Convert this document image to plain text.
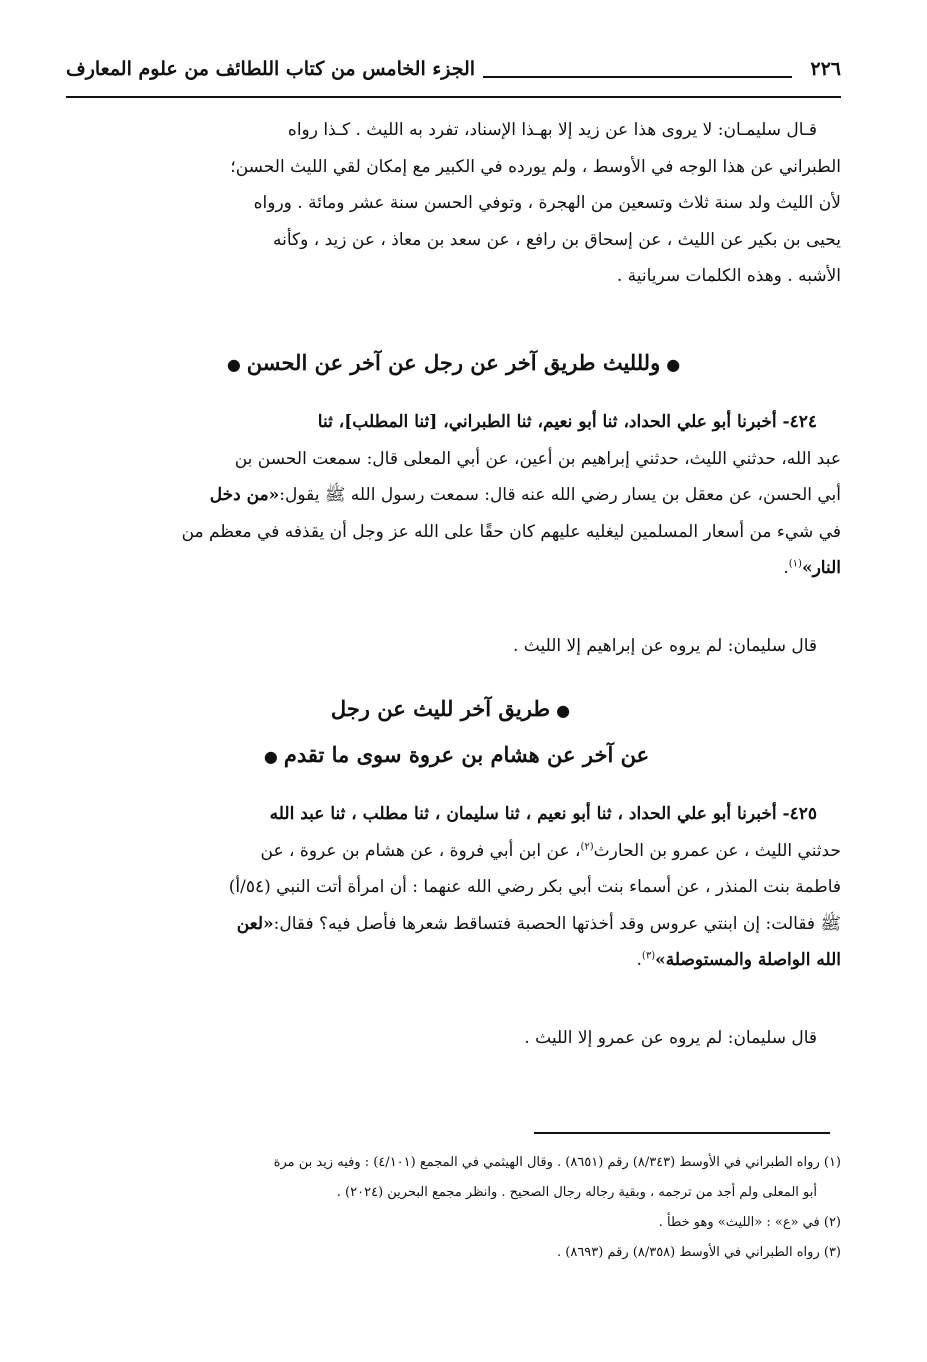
٢٢٦
الجزء الخامس من كتاب اللطائف من علوم المعارف

قـال سليمـان: لا يروى هذا عن زيد إلا بهـذا الإسناد، تفرد به الليث . كـذا رواه

الطبراني عن هذا الوجه في الأوسط ، ولم يورده في الكبير مع إمكان لقي الليث الحسن؛

لأن الليث ولد سنة ثلاث وتسعين من الهجرة ، وتوفي الحسن سنة عشر ومائة . ورواه

يحيى بن بكير عن الليث ، عن إسحاق بن رافع ، عن سعد بن معاذ ، عن زيد ، وكأنه

الأشبه . وهذه الكلمات سريانية .

●وللليث طريق آخر عن رجل عن آخر عن الحسن●

٤٢٤- أخبرنا أبو علي الحداد، ثنا أبو نعيم، ثنا الطبراني، [ثنا المطلب]، ثنا

عبد الله، حدثني الليث، حدثني إبراهيم بن أعين، عن أبي المعلى قال: سمعت الحسن بن

أبي الحسن، عن معقل بن يسار رضي الله عنه قال: سمعت رسول الله ﷺ يقول:«من دخل

في شيء من أسعار المسلمين ليغليه عليهم كان حقًا على الله عز وجل أن يقذفه في معظم من

النار»$^{(١)}$.

قال سليمان: لم يروه عن إبراهيم إلا الليث .

●طريق آخر لليث عن رجل
عن آخر عن هشام بن عروة سوى ما تقدم●

٤٢٥- أخبرنا أبو علي الحداد ، ثنا أبو نعيم ، ثنا سليمان ، ثنا مطلب ، ثنا عبد الله

حدثني الليث ، عن عمرو بن الحارث$^{(٢)}$، عن ابن أبي فروة ، عن هشام بن عروة ، عن

فاطمة بنت المنذر ، عن أسماء بنت أبي بكر رضي الله عنهما : أن امرأة أتت النبي (٥٤/أ)

ﷺ فقالت: إن ابنتي عروس وقد أخذتها الحصبة فتساقط شعرها فأصل فيه؟ فقال:«لعن

الله الواصلة والمستوصلة»$^{(٣)}$.

قال سليمان: لم يروه عن عمرو إلا الليث .

(١) رواه الطبراني في الأوسط (٨/٣٤٣) رقم (٨٦٥١) . وقال الهيثمي في المجمع (٤/١٠١) : وفيه زيد بن مرة
أبو المعلى ولم أجد من ترجمه ، وبقية رجاله رجال الصحيح . وانظر مجمع البحرين (٢٠٢٤) .
(٢) في «ع» : «الليث» وهو خطأ .
(٣) رواه الطبراني في الأوسط (٨/٣٥٨) رقم (٨٦٩٣) .
